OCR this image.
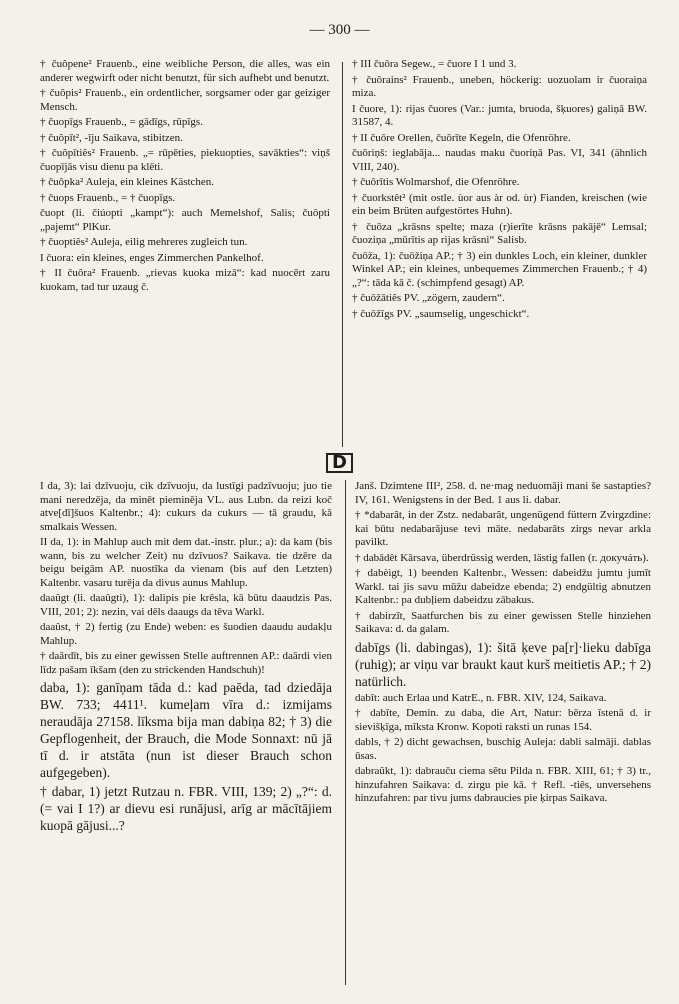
— 300 —

† čuôpene² Frauenb., eine weibliche Person, die alles, was ein anderer wegwirft oder nicht benutzt, für sich aufhebt und benutzt.

† čuôpis² Frauenb., ein ordentlicher, sorgsamer oder gar geiziger Mensch.

† čuopīgs Frauenb., = gādīgs, rūpīgs.

† čuôpīt², -īju Saikava, stibitzen.

† čuôpītiês² Frauenb. „= rūpēties, piekuopties, savākties“: viņš čuopījās visu dienu pa klēti.

† čuôpka² Auleja, ein kleines Kästchen.

† čuops Frauenb., = † čuopīgs.

čuopt (li. čiúopti „kampt“): auch Memelshof, Salis; čuôpti „pajemt“ PlKur.

† čuoptiês² Auleja, eilig mehreres zugleich tun.

I čuora: ein kleines, enges Zimmerchen Pankelhof.

† II čuôra² Frauenb. „rievas kuoka mizā“: kad nuocērt zaru kuokam, tad tur uzaug č.

† III čuōra Segew., = čuore I 1 und 3.

† čuôrains² Frauenb., uneben, höckerig: uozuolam ir čuoraiņa miza.

I čuore, 1): rijas čuores (Var.: jumta, bruoda, šķuores) galiņā BW. 31587, 4.

† II čuōre Orellen, čuōrīte Kegeln, die Ofenröhre.

čuōriņš: ieglabāja... naudas maku čuoriņā Pas. VI, 341 (ähnlich VIII, 240).

† čuōrītis Wolmarshof, die Ofenröhre.

† čuorkstêt² (mit ostle. ùor aus àr od. ùr) Fianden, kreischen (wie ein beim Brüten aufgestörtes Huhn).

† čuōza „krāsns spelte; maza (r)ierīte krāsns pakājē“ Lemsal; čuoziņa „mūrītis ap rijas krāsni“ Salisb.

čuōža, 1): čuōžiņa AP.; † 3) ein dunkles Loch, ein kleiner, dunkler Winkel AP.; ein kleines, unbequemes Zimmerchen Frauenb.; † 4) „?“: tāda kā č. (schimpfend gesagt) AP.

† čuōžātiês PV. „zögern, zaudern“.

† čuōžīgs PV. „saumselig, ungeschickt“.

D

I da, 3): lai dzīvuoju, cik dzīvuoju, da lustīgi padzīvuoju; juo tie mani neredzēja, da minēt pieminēja VL. aus Lubn. da reizi koč atve[dī]šuos Kaltenbr.; 4): cukurs da cukurs — tā graudu, kā smalkais Wessen.

II da, 1): in Mahlup auch mit dem dat.-instr. plur.; a): da kam (bis wann, bis zu welcher Zeit) nu dzīvuos? Saikava. tie dzēre da beigu beigām AP. nuostīka da vienam (bis auf den Letzten) Kaltenbr. vasaru turēja da divus aunus Mahlup.

daaûgt (li. daaûgti), 1): dalipis pie krēsla, kā būtu daaudzis Pas. VIII, 201; 2): nezin, vai dēls daaugs da tēva Warkl.

daaûst, † 2) fertig (zu Ende) weben: es šuodien daaudu audakļu Mahlup.

† daārdīt, bis zu einer gewissen Stelle auftrennen AP.: daārdi vien līdz pašam īkšam (den zu strickenden Handschuh)!

daba, 1): ganīņam tāda d.: kad paēda, tad dziedāja BW. 733; 4411¹. kumeļam vīra d.: izmijams neraudāja 27158. līksma bija man dabiņa 82; † 3) die Gepflogenheit, der Brauch, die Mode Sonnaxt: nū jā tī d. ir atstāta (nun ist dieser Brauch schon aufgegeben).

† dabar, 1) jetzt Rutzau n. FBR. VIII, 139; 2) „?“: d. (= vai I 1?) ar dievu esi runājusi, arīg ar mācītājiem kuopā gājusi...?

Janš. Dzimtene III², 258. d. ne·mag neduomāji mani še sastapties? IV, 161. Wenigstens in der Bed. 1 aus li. dabar.

† *dabarât, in der Zstz. nedabarât, ungenügend füttern Zvirgzdine: kai būtu nedabarājuse tevi māte. nedabarāts zirgs nevar arkla pavilkt.

† dabādêt Kārsava, überdrüssig werden, lästig fallen (r. докучáть).

† dabèigt, 1) beenden Kaltenbr., Wessen: dabeidžu jumtu jumīt Warkl. tai jis savu mūžu dabeidze ebenda; 2) endgültig abnutzen Kaltenbr.: pa dubļiem dabeidzu zābakus.

† dabirzīt, Saatfurchen bis zu einer gewissen Stelle hinziehen Saikava: d. da galam.

dabīgs (li. dabingas), 1): šitā ķeve pa[r]·lieku dabīga (ruhig); ar viņu var braukt kaut kurš meitietis AP.; † 2) natürlich.

dabīt: auch Erlaa und KatrE., n. FBR. XIV, 124, Saikava.

† dabīte, Demin. zu daba, die Art, Natur: bērza īstenā d. ir sievišķīga, mīksta Kronw. Kopoti raksti un runas 154.

dabls, † 2) dicht gewachsen, buschig Auleja: dabli salmāji. dablas ūsas.

dabraûkt, 1): dabrauču ciema sētu Pilda n. FBR. XIII, 61; † 3) tr., hinzufahren Saikava: d. zirgu pie kā. † Refl. -tiês, unversehens hinzufahren: par tivu jums dabraucies pie ķirpas Saikava.
